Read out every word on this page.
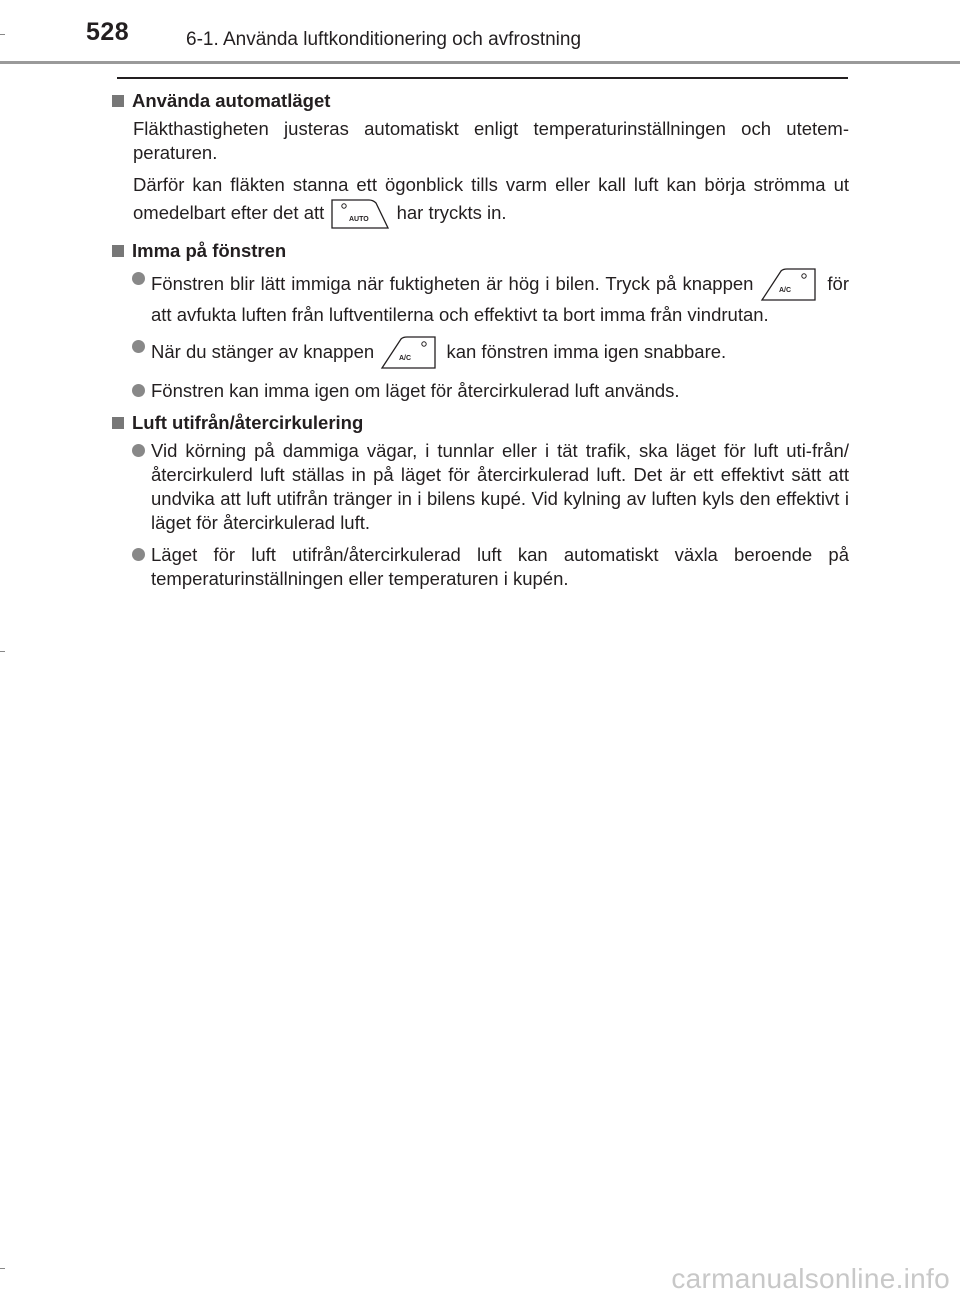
528	6-1. Använda luftkonditionering och avfrostning
Använda automatläget
Fläkthastigheten justeras automatiskt enligt temperaturinställningen och utetem-peraturen.
Därför kan fläkten stanna ett ögonblick tills varm eller kall luft kan börja strömma ut omedelbart efter det att	AUTO har tryckts in.
Imma på fönstren
Fönstren blir lätt immiga när fuktigheten är hög i bilen. Tryck på knappen	A/C för att avfukta luften från luftventilerna och effektivt ta bort imma från vindrutan.
När du stänger av knappen	A/C kan fönstren imma igen snabbare.
Fönstren kan imma igen om läget för återcirkulerad luft används.
Luft utifrån/återcirkulering
Vid körning på dammiga vägar, i tunnlar eller i tät trafik, ska läget för luft uti-från/återcirkulerd luft ställas in på läget för återcirkulerad luft. Det är ett effektivt sätt att undvika att luft utifrån tränger in i bilens kupé. Vid kylning av luften kyls den effektivt i läget för återcirkulerad luft.
Läget för luft utifrån/återcirkulerad luft kan automatiskt växla beroende på temperaturinställningen eller temperaturen i kupén.
carmanualsonline.info
